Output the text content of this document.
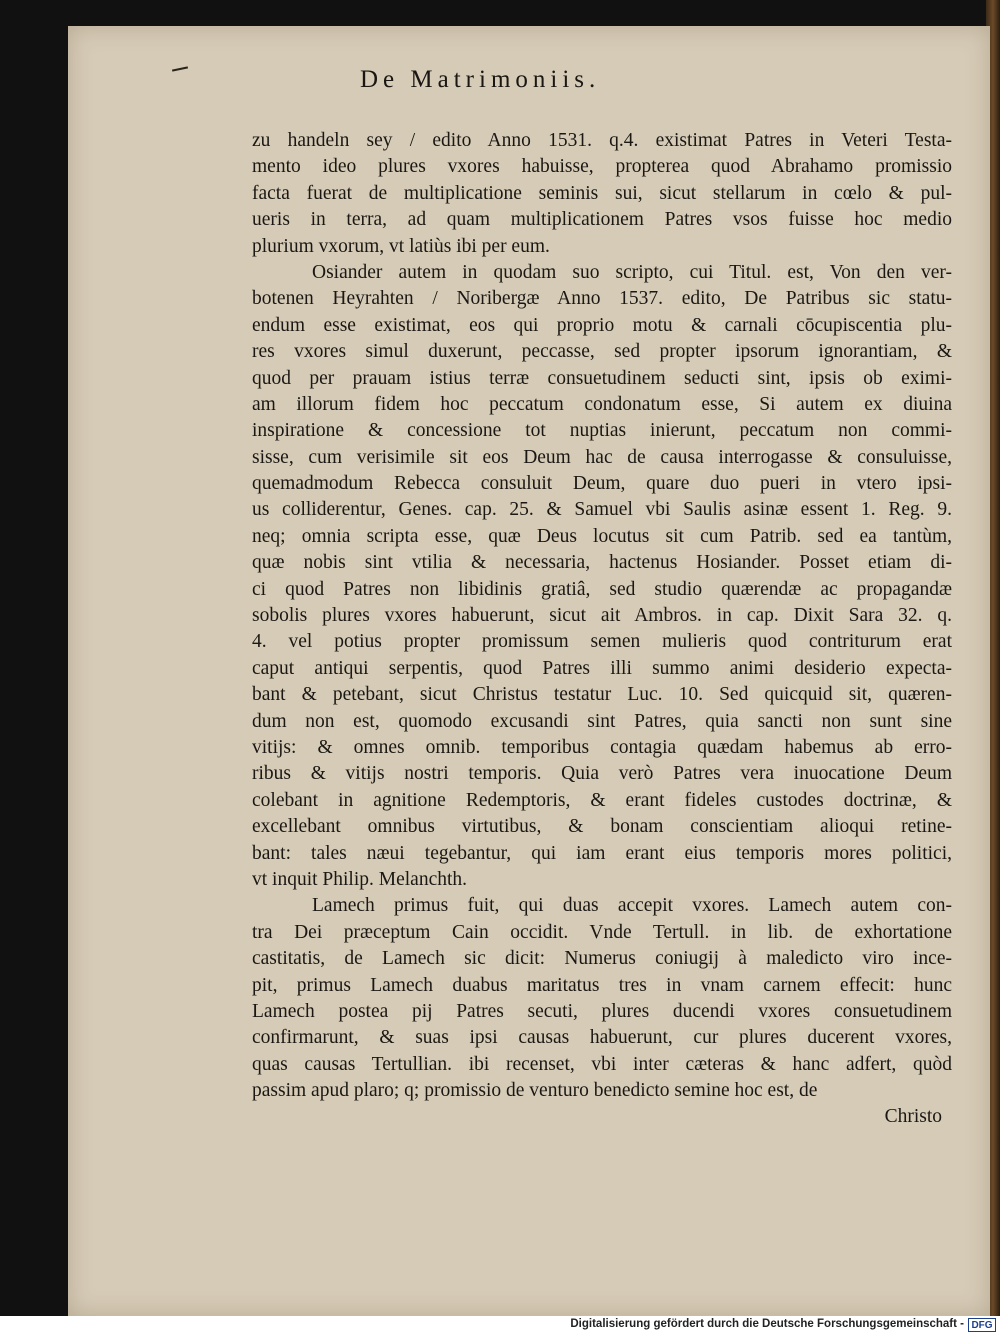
De Matrimoniis.
zu handeln sey / edito Anno 1531. q.4. existimat Patres in Veteri Testa-
mento ideo plures vxores habuisse, propterea quod Abrahamo promissio
facta fuerat de multiplicatione seminis sui, sicut stellarum in cœlo & pul-
ueris in terra, ad quam multiplicationem Patres vsos fuisse hoc medio
plurium vxorum, vt latiùs ibi per eum.
Osiander autem in quodam suo scripto, cui Titul. est, Von den ver-
botenen Heyrahten / Noribergæ Anno 1537. edito, De Patribus sic statu-
endum esse existimat, eos qui proprio motu & carnali cōcupiscentia plu-
res vxores simul duxerunt, peccasse, sed propter ipsorum ignorantiam, &
quod per prauam istius terræ consuetudinem seducti sint, ipsis ob eximi-
am illorum fidem hoc peccatum condonatum esse, Si autem ex diuina
inspiratione & concessione tot nuptias inierunt, peccatum non commi-
sisse, cum verisimile sit eos Deum hac de causa interrogasse & consuluisse,
quemadmodum Rebecca consuluit Deum, quare duo pueri in vtero ipsi-
us colliderentur, Genes. cap. 25. & Samuel vbi Saulis asinæ essent 1. Reg. 9.
neq; omnia scripta esse, quæ Deus locutus sit cum Patrib. sed ea tantùm,
quæ nobis sint vtilia & necessaria, hactenus Hosiander. Posset etiam di-
ci quod Patres non libidinis gratiâ, sed studio quærendæ ac propagandæ
sobolis plures vxores habuerunt, sicut ait Ambros. in cap. Dixit Sara 32. q.
4. vel potius propter promissum semen mulieris quod contriturum erat
caput antiqui serpentis, quod Patres illi summo animi desiderio expecta-
bant & petebant, sicut Christus testatur Luc. 10. Sed quicquid sit, quæren-
dum non est, quomodo excusandi sint Patres, quia sancti non sunt sine
vitijs: & omnes omnib. temporibus contagia quædam habemus ab erro-
ribus & vitijs nostri temporis. Quia verò Patres vera inuocatione Deum
colebant in agnitione Redemptoris, & erant fideles custodes doctrinæ, &
excellebant omnibus virtutibus, & bonam conscientiam alioqui retine-
bant: tales næui tegebantur, qui iam erant eius temporis mores politici,
vt inquit Philip. Melanchth.
Lamech primus fuit, qui duas accepit vxores. Lamech autem con-
tra Dei præceptum Cain occidit. Vnde Tertull. in lib. de exhortatione
castitatis, de Lamech sic dicit: Numerus coniugij à maledicto viro ince-
pit, primus Lamech duabus maritatus tres in vnam carnem effecit: hunc
Lamech postea pij Patres secuti, plures ducendi vxores consuetudinem
confirmarunt, & suas ipsi causas habuerunt, cur plures ducerent vxores,
quas causas Tertullian. ibi recenset, vbi inter cæteras & hanc adfert, quòd
passim apud plaro; q; promissio de venturo benedicto semine hoc est, de
Christo
Digitalisierung gefördert durch die Deutsche Forschungsgemeinschaft - DFG
